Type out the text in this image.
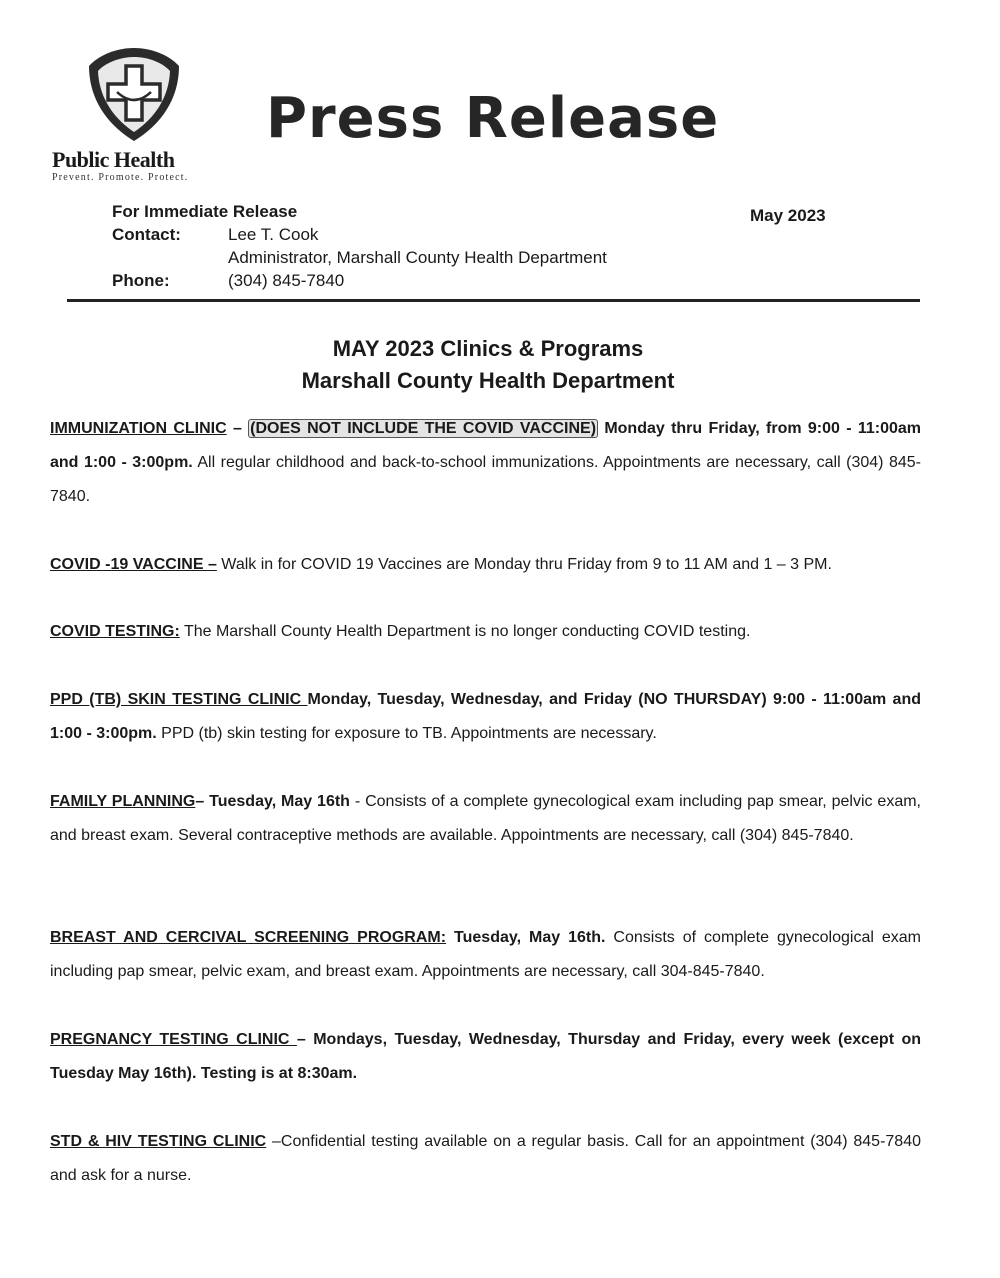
Public Health
Prevent. Promote. Protect.
Press Release
For Immediate Release
Contact:	Lee T. Cook
Administrator, Marshall County Health Department
Phone:	(304) 845-7840
May 2023
MAY 2023 Clinics & Programs
Marshall County Health Department
IMMUNIZATION CLINIC – (DOES NOT INCLUDE THE COVID VACCINE) Monday thru Friday, from 9:00 - 11:00am and 1:00 - 3:00pm. All regular childhood and back-to-school immunizations. Appointments are necessary, call (304) 845-7840.
COVID -19 VACCINE – Walk in for COVID 19 Vaccines are Monday thru Friday from 9 to 11 AM and 1 – 3 PM.
COVID TESTING: The Marshall County Health Department is no longer conducting COVID testing.
PPD (TB) SKIN TESTING CLINIC Monday, Tuesday, Wednesday, and Friday (NO THURSDAY) 9:00 - 11:00am and 1:00 - 3:00pm. PPD (tb) skin testing for exposure to TB. Appointments are necessary.
FAMILY PLANNING– Tuesday, May 16th - Consists of a complete gynecological exam including pap smear, pelvic exam, and breast exam. Several contraceptive methods are available. Appointments are necessary, call (304) 845-7840.
BREAST AND CERCIVAL SCREENING PROGRAM: Tuesday, May 16th. Consists of complete gynecological exam including pap smear, pelvic exam, and breast exam. Appointments are necessary, call 304-845-7840.
PREGNANCY TESTING CLINIC – Mondays, Tuesday, Wednesday, Thursday and Friday, every week (except on Tuesday May 16th). Testing is at 8:30am.
STD & HIV TESTING CLINIC –Confidential testing available on a regular basis. Call for an appointment (304) 845-7840 and ask for a nurse.
